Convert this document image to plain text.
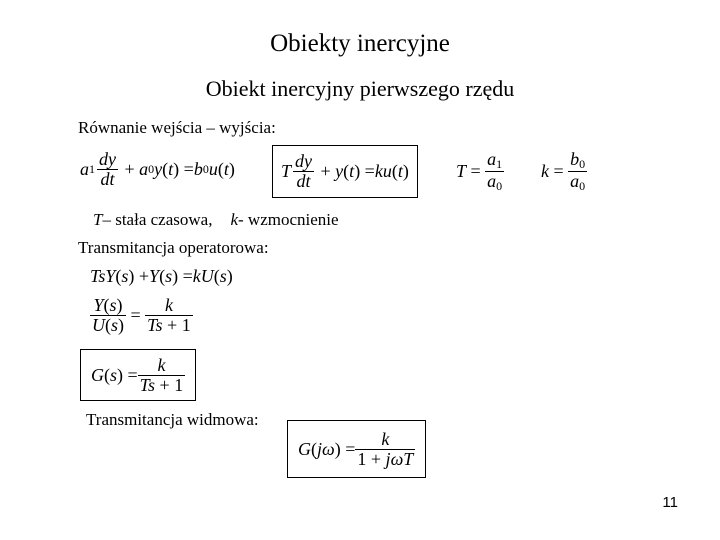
Obiekty inercyjne
Obiekt inercyjny pierwszego rzędu
Równanie wejścia – wyjścia:
a $1 \frac{dy}{dt} + a$ 0 y ( t ) = b 0 u ( t )	T $\frac{dy}{dt} + y$ ( t ) = ku ( t )	$T = \frac{a_1}{a_0}$ $k = \frac{b_0}{a_0}$
T – stała czasowa, k - wzmocnienie
Transmitancja operatorowa:
TsY ( s ) + Y ( s ) = kU ( s )
$\frac{Y(s)}{U(s)} = \frac{k}{Ts + 1}$
G ( s ) = $\frac{k}{Ts + 1}$
Transmitancja widmowa:
G ( j ω ) = $\frac{k}{\text{1 + jωT}}$
11
